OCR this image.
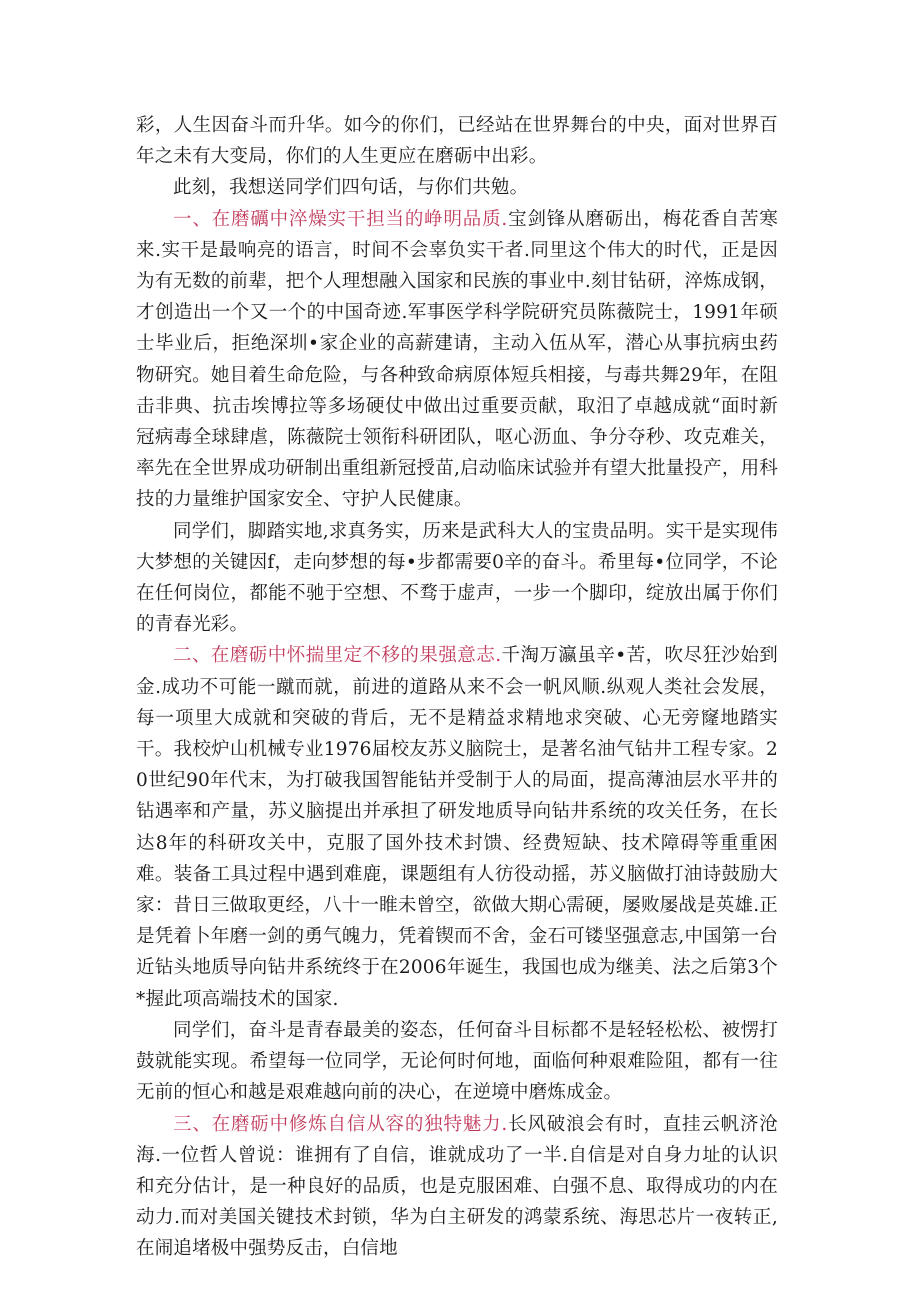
彩，人生因奋斗而升华。如今的你们，已经站在世界舞台的中央，面对世界百年之未有大变局，你们的人生更应在磨砺中出彩。

此刻，我想送同学们四句话，与你们共勉。

一、在磨礪中淬燥实干担当的峥明品质.宝剑锋从磨砺出，梅花香自苦寒来.实干是最响亮的语言，时间不会辜负实干者.同里这个伟大的时代，正是因为有无数的前辈，把个人理想融入国家和民族的事业中.刻甘钻研，淬炼成钢，才创造出一个又一个的中国奇迹.军事医学科学院研究员陈薇院士，1991年硕士毕业后，拒绝深圳•家企业的高薪建请，主动入伍从军，潜心从事抗病虫药物研究。她目着生命危险，与各种致命病原体短兵相接，与毒共舞29年，在阻击非典、抗击埃博拉等多场硬仗中做出过重要贡献，取汨了卓越成就“面时新冠病毒全球肆虐，陈薇院士领衔科研团队，呕心沥血、争分夺秒、攻克难关，率先在全世界成功研制出重组新冠授苗,启动临床试验并有望大批量投产，用科技的力量维护国家安全、守护人民健康。

同学们，脚踏实地,求真务实，历来是武科大人的宝贵品明。实干是实现伟大梦想的关键因f，走向梦想的每•步都需要0辛的奋斗。希里每•位同学，不论在任何岗位，都能不驰于空想、不骛于虚声，一步一个脚印，绽放出属于你们的青春光彩。

二、在磨砺中怀揣里定不移的果强意志.千淘万瀛虽辛•苦，吹尽狂沙始到金.成功不可能一蹴而就，前进的道路从来不会一帆风顺.纵观人类社会发展，每一项里大成就和突破的背后，无不是精益求精地求突破、心无旁窿地踏实干。我校炉山机械专业1976届校友苏义脑院士，是著名油气钻井工程专家。20世纪90年代末，为打破我国智能钻并受制于人的局面，提高薄油层水平井的钻遇率和产量，苏义脑提出并承担了研发地质导向钻井系统的攻关任务，在长达8年的科研攻关中，克服了国外技术封馈、经费短缺、技术障碍等重重困难。装备工具过程中遇到难鹿，课题组有人彷役动摇，苏义脑做打油诗鼓励大家：昔日三做取更经，八十一睢未曾空，欲做大期心需硬，屡败屡战是英雄.正是凭着卜年磨一剑的勇气魄力，凭着锲而不舍，金石可镂坚强意志,中国第一台近钻头地质导向钻井系统终于在2006年诞生，我国也成为继美、法之后第3个*握此项高端技术的国家.

同学们，奋斗是青春最美的姿态，任何奋斗目标都不是轻轻松松、被愣打鼓就能实现。希望每一位同学，无论何时何地，面临何种艰难险阻，都有一往无前的恒心和越是艰难越向前的决心，在逆境中磨炼成金。

三、在磨砺中修炼自信从容的独特魅力.长风破浪会有时，直挂云帆济沧海.一位哲人曾说：谁拥有了自信，谁就成功了一半.自信是对自身力址的认识和充分估计，是一种良好的品质，也是克服困难、白强不息、取得成功的内在动力.而对美国关键技术封锁，华为白主研发的鸿蒙系统、海思芯片一夜转正,在闹追堵极中强势反击，白信地
